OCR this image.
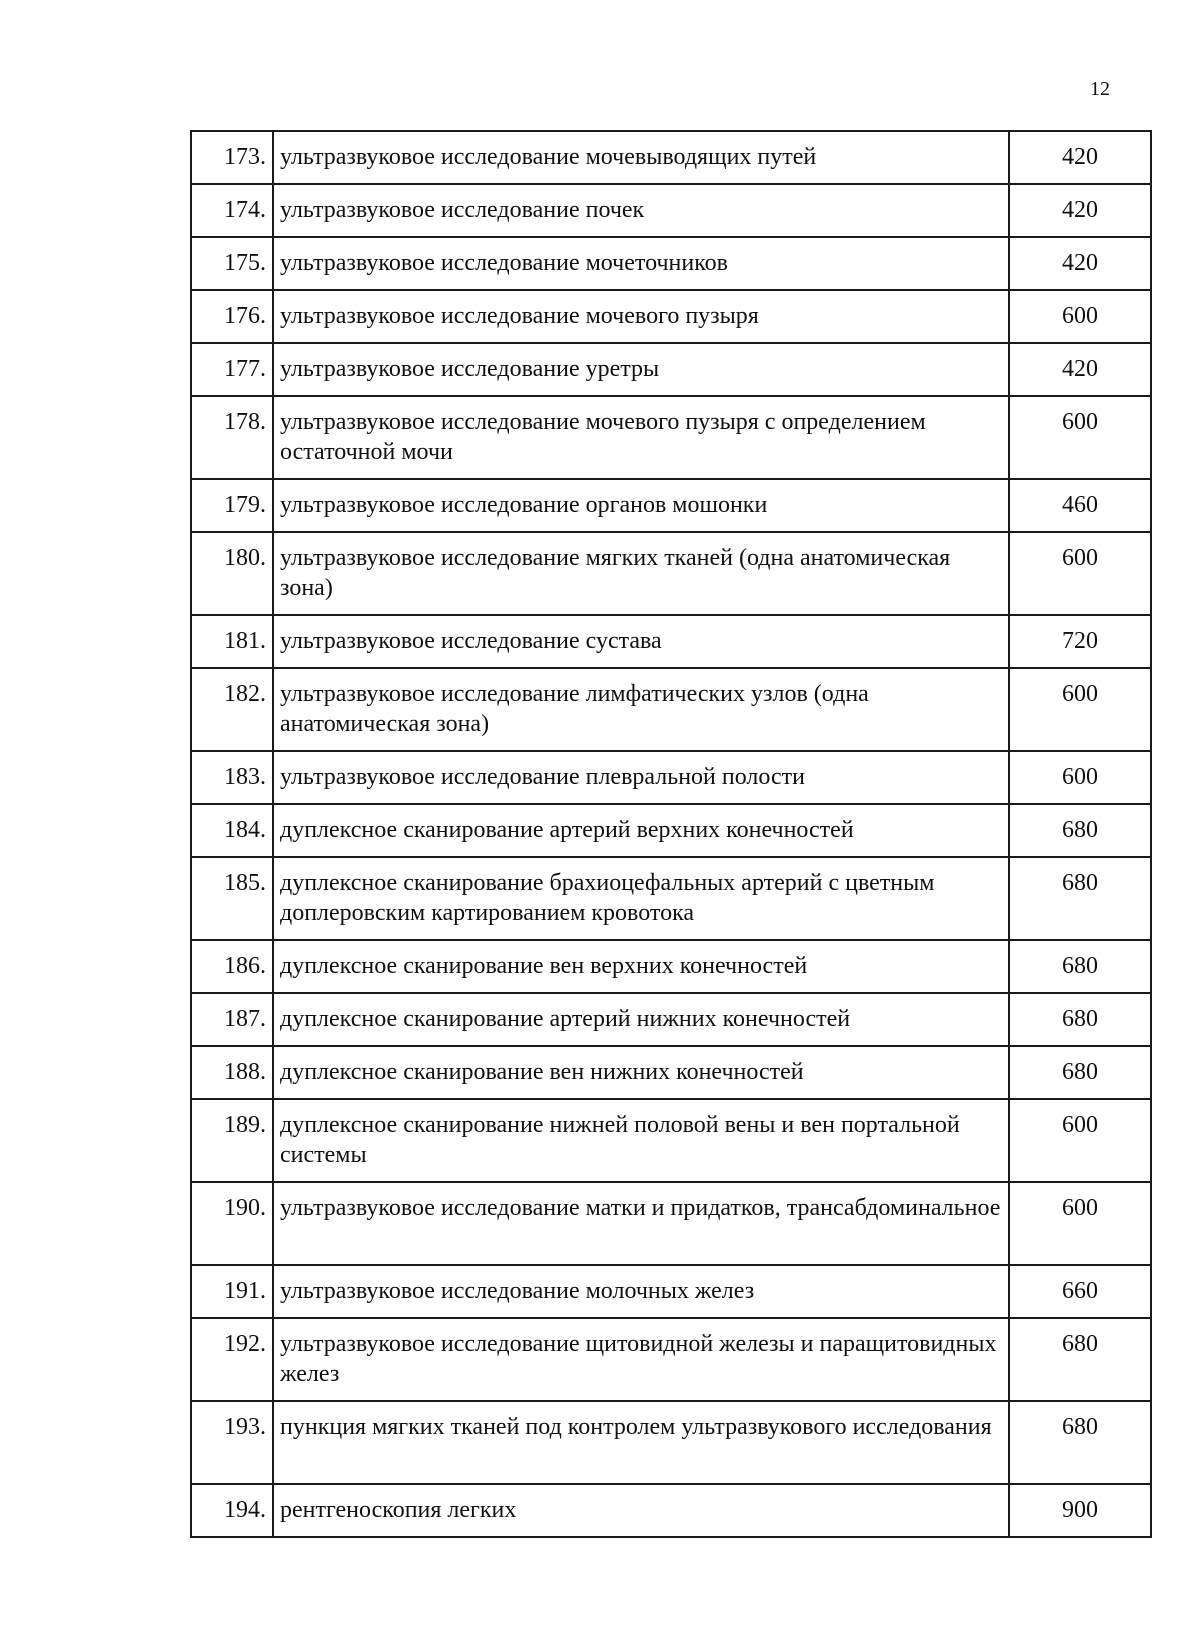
12
173.	ультразвуковое исследование мочевыводящих путей	420
174.	ультразвуковое исследование почек	420
175.	ультразвуковое исследование мочеточников	420
176.	ультразвуковое исследование мочевого пузыря	600
177.	ультразвуковое исследование уретры	420
178.	ультразвуковое исследование мочевого пузыря с определением остаточной мочи	600
179.	ультразвуковое исследование органов мошонки	460
180.	ультразвуковое исследование мягких тканей (одна анатомическая зона)	600
181.	ультразвуковое исследование сустава	720
182.	ультразвуковое исследование лимфатических узлов (одна анатомическая зона)	600
183.	ультразвуковое исследование плевральной полости	600
184.	дуплексное сканирование артерий верхних конечностей	680
185.	дуплексное сканирование брахиоцефальных артерий с цветным доплеровским картированием кровотока	680
186.	дуплексное сканирование вен верхних конечностей	680
187.	дуплексное сканирование артерий нижних конечностей	680
188.	дуплексное сканирование вен нижних конечностей	680
189.	дуплексное сканирование нижней половой вены и вен портальной системы	600
190.	ультразвуковое исследование матки и придатков, трансабдоминальное	600
191.	ультразвуковое исследование молочных желез	660
192.	ультразвуковое исследование щитовидной железы и паращитовидных желез	680
193.	пункция мягких тканей под контролем ультразвукового исследования	680
194.	рентгеноскопия легких	900
